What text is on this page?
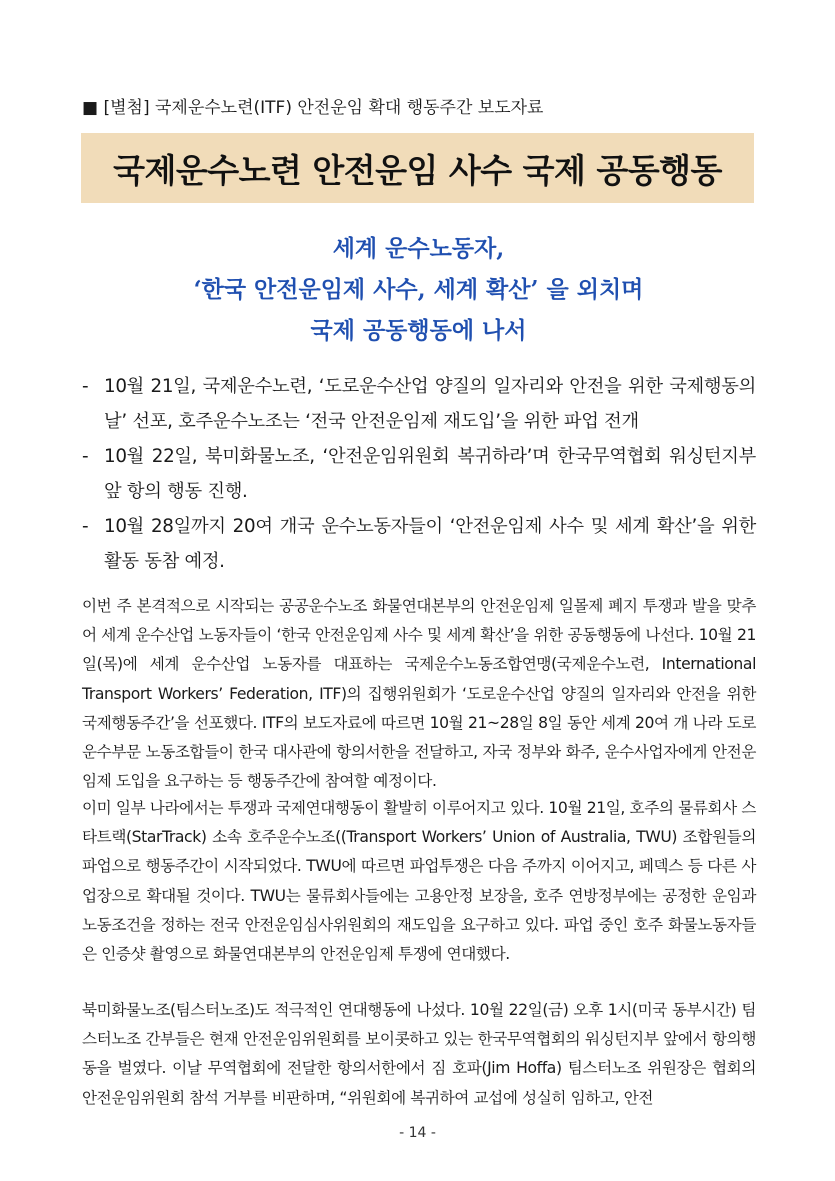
■ [별첨] 국제운수노련(ITF) 안전운임 확대 행동주간 보도자료
국제운수노련 안전운임 사수 국제 공동행동
세계 운수노동자,
‘한국 안전운임제 사수, 세계 확산’ 을 외치며
국제 공동행동에 나서
- 10월 21일, 국제운수노련, ‘도로운수산업 양질의 일자리와 안전을 위한 국제행동의 날’ 선포, 호주운수노조는 ‘전국 안전운임제 재도입’을 위한 파업 전개
- 10월 22일, 북미화물노조, ‘안전운임위원회 복귀하라’며 한국무역협회 워싱턴지부 앞 항의 행동 진행.
- 10월 28일까지 20여 개국 운수노동자들이 ‘안전운임제 사수 및 세계 확산’을 위한 활동 동참 예정.
이번 주 본격적으로 시작되는 공공운수노조 화물연대본부의 안전운임제 일몰제 폐지 투쟁과 발을 맞추어 세계 운수산업 노동자들이 ‘한국 안전운임제 사수 및 세계 확산’을 위한 공동행동에 나선다. 10월 21일(목)에 세계 운수산업 노동자를 대표하는 국제운수노동조합연맹(국제운수노련, International Transport Workers’ Federation, ITF)의 집행위원회가 ‘도로운수산업 양질의 일자리와 안전을 위한 국제행동주간’을 선포했다. ITF의 보도자료에 따르면 10월 21~28일 8일 동안 세계 20여 개 나라 도로운수부문 노동조합들이 한국 대사관에 항의서한을 전달하고, 자국 정부와 화주, 운수사업자에게 안전운임제 도입을 요구하는 등 행동주간에 참여할 예정이다.
이미 일부 나라에서는 투쟁과 국제연대행동이 활발히 이루어지고 있다. 10월 21일, 호주의 물류회사 스타트랙(StarTrack) 소속 호주운수노조((Transport Workers’ Union of Australia, TWU) 조합원들의 파업으로 행동주간이 시작되었다. TWU에 따르면 파업투쟁은 다음 주까지 이어지고, 페덱스 등 다른 사업장으로 확대될 것이다. TWU는 물류회사들에는 고용안정 보장을, 호주 연방정부에는 공정한 운임과 노동조건을 정하는 전국 안전운임심사위원회의 재도입을 요구하고 있다. 파업 중인 호주 화물노동자들은 인증샷 촬영으로 화물연대본부의 안전운임제 투쟁에 연대했다.
북미화물노조(팀스터노조)도 적극적인 연대행동에 나섰다. 10월 22일(금) 오후 1시(미국 동부시간) 팀스터노조 간부들은 현재 안전운임위원회를 보이콧하고 있는 한국무역협회의 워싱턴지부 앞에서 항의행동을 벌였다. 이날 무역협회에 전달한 항의서한에서 짐 호파(Jim Hoffa) 팀스터노조 위원장은 협회의 안전운임위원회 참석 거부를 비판하며, “위원회에 복귀하여 교섭에 성실히 임하고, 안전
- 14 -
